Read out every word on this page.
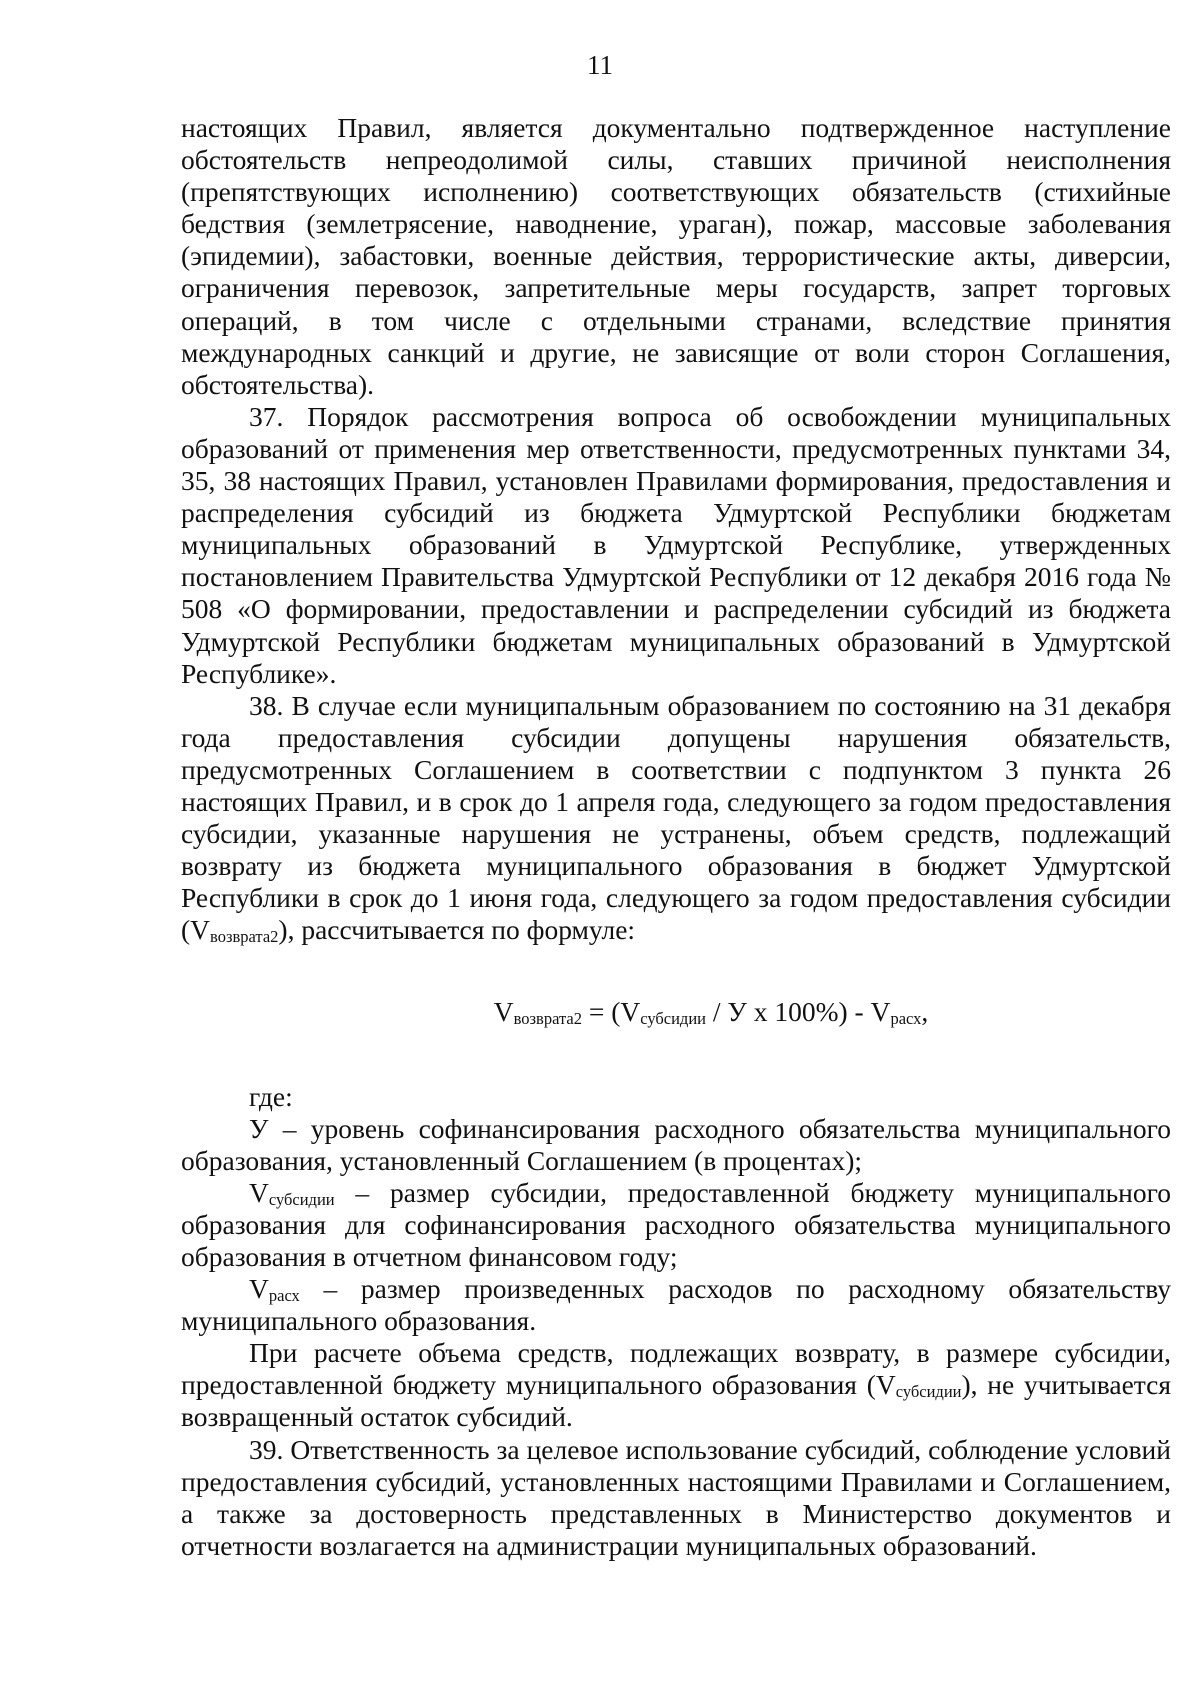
11

настоящих Правил, является документально подтвержденное наступление обстоятельств непреодолимой силы, ставших причиной неисполнения (препятствующих исполнению) соответствующих обязательств (стихийные бедствия (землетрясение, наводнение, ураган), пожар, массовые заболевания (эпидемии), забастовки, военные действия, террористические акты, диверсии, ограничения перевозок, запретительные меры государств, запрет торговых операций, в том числе с отдельными странами, вследствие принятия международных санкций и другие, не зависящие от воли сторон Соглашения, обстоятельства).

37. Порядок рассмотрения вопроса об освобождении муниципальных образований от применения мер ответственности, предусмотренных пунктами 34, 35, 38 настоящих Правил, установлен Правилами формирования, предоставления и распределения субсидий из бюджета Удмуртской Республики бюджетам муниципальных образований в Удмуртской Республике, утвержденных постановлением Правительства Удмуртской Республики от 12 декабря 2016 года № 508 «О формировании, предоставлении и распределении субсидий из бюджета Удмуртской Республики бюджетам муниципальных образований в Удмуртской Республике».

38. В случае если муниципальным образованием по состоянию на 31 декабря года предоставления субсидии допущены нарушения обязательств, предусмотренных Соглашением в соответствии с подпунктом 3 пункта 26 настоящих Правил, и в срок до 1 апреля года, следующего за годом предоставления субсидии, указанные нарушения не устранены, объем средств, подлежащий возврату из бюджета муниципального образования в бюджет Удмуртской Республики в срок до 1 июня года, следующего за годом предоставления субсидии $(V_{возврата2})$, рассчитывается по формуле:

$V_{возврата2} = (V_{субсидии} / У$ х $100\%) - V_{расх}$,

где:

У – уровень софинансирования расходного обязательства муниципального образования, установленный Соглашением (в процентах);

$V_{субсидии}$ – размер субсидии, предоставленной бюджету муниципального образования для софинансирования расходного обязательства муниципального образования в отчетном финансовом году;

$V_{расх}$ – размер произведенных расходов по расходному обязательству муниципального образования.

При расчете объема средств, подлежащих возврату, в размере субсидии, предоставленной бюджету муниципального образования $(V_{субсидии})$, не учитывается возвращенный остаток субсидий.

39. Ответственность за целевое использование субсидий, соблюдение условий предоставления субсидий, установленных настоящими Правилами и Соглашением, а также за достоверность представленных в Министерство документов и отчетности возлагается на администрации муниципальных образований.
